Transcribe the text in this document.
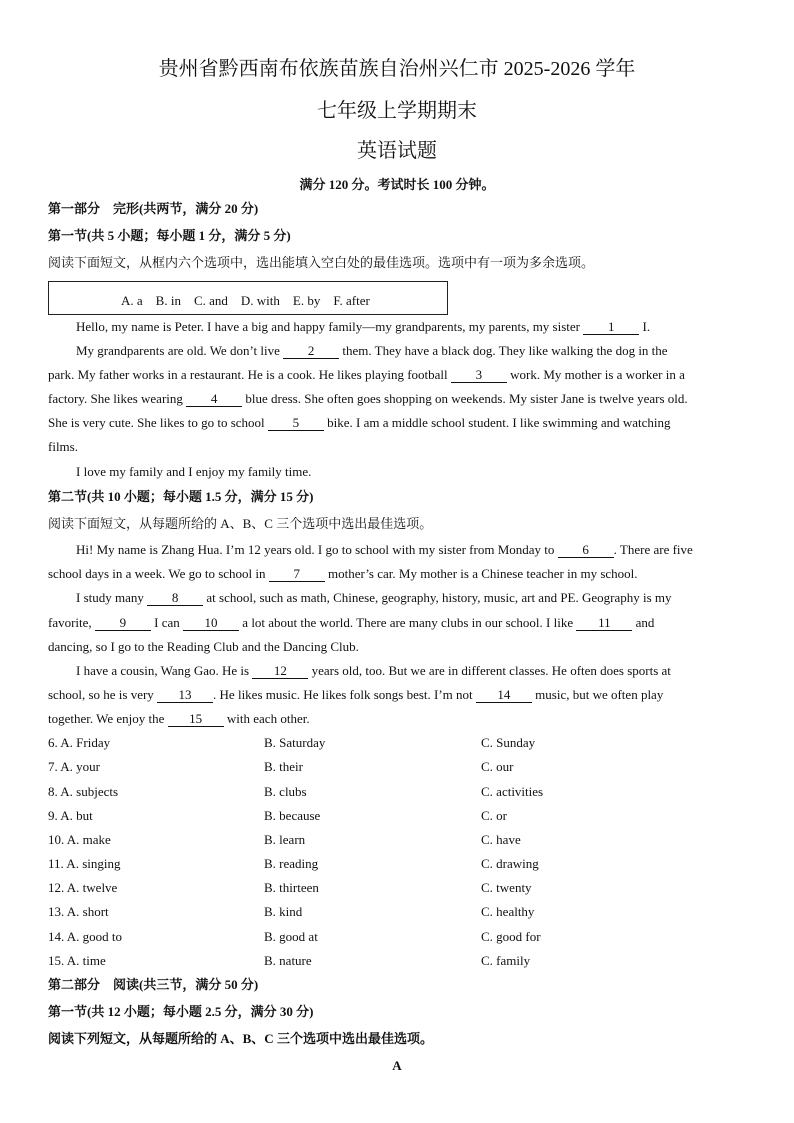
贵州省黔西南布依族苗族自治州兴仁市 2025-2026 学年
七年级上学期期末
英语试题
满分 120 分。考试时长 100 分钟。
第一部分　完形(共两节，满分 20 分)
第一节(共 5 小题；每小题 1 分，满分 5 分)
阅读下面短文，从框内六个选项中，选出能填入空白处的最佳选项。选项中有一项为多余选项。
A. a　B. in　C. and　D. with　E. by　F. after
Hello, my name is Peter. I have a big and happy family—my grandparents, my parents, my sister 1 I.
My grandparents are old. We don’t live 2 them. They have a black dog. They like walking the dog in the
park. My father works in a restaurant. He is a cook. He likes playing football 3 work. My mother is a worker in a
factory. She likes wearing 4 blue dress. She often goes shopping on weekends. My sister Jane is twelve years old.
She is very cute. She likes to go to school 5 bike. I am a middle school student. I like swimming and watching
films.
I love my family and I enjoy my family time.
第二节(共 10 小题；每小题 1.5 分，满分 15 分)
阅读下面短文，从每题所给的 A、B、C 三个选项中选出最佳选项。
Hi! My name is Zhang Hua. I’m 12 years old. I go to school with my sister from Monday to 6 . There are five
school days in a week. We go to school in 7 mother’s car. My mother is a Chinese teacher in my school.
I study many 8 at school, such as math, Chinese, geography, history, music, art and PE. Geography is my
favorite, 9 I can 10 a lot about the world. There are many clubs in our school. I like 11 and
dancing, so I go to the Reading Club and the Dancing Club.
I have a cousin, Wang Gao. He is 12 years old, too. But we are in different classes. He often does sports at
school, so he is very 13 . He likes music. He likes folk songs best. I’m not 14 music, but we often play
together. We enjoy the 15 with each other.
6. A. Friday	B. Saturday	C. Sunday
7. A. your	B. their	C. our
8. A. subjects	B. clubs	C. activities
9. A. but	B. because	C. or
10. A. make	B. learn	C. have
11. A. singing	B. reading	C. drawing
12. A. twelve	B. thirteen	C. twenty
13. A. short	B. kind	C. healthy
14. A. good to	B. good at	C. good for
15. A. time	B. nature	C. family
第二部分　阅读(共三节，满分 50 分)
第一节(共 12 小题；每小题 2.5 分，满分 30 分)
阅读下列短文，从每题所给的 A、B、C 三个选项中选出最佳选项。
A
